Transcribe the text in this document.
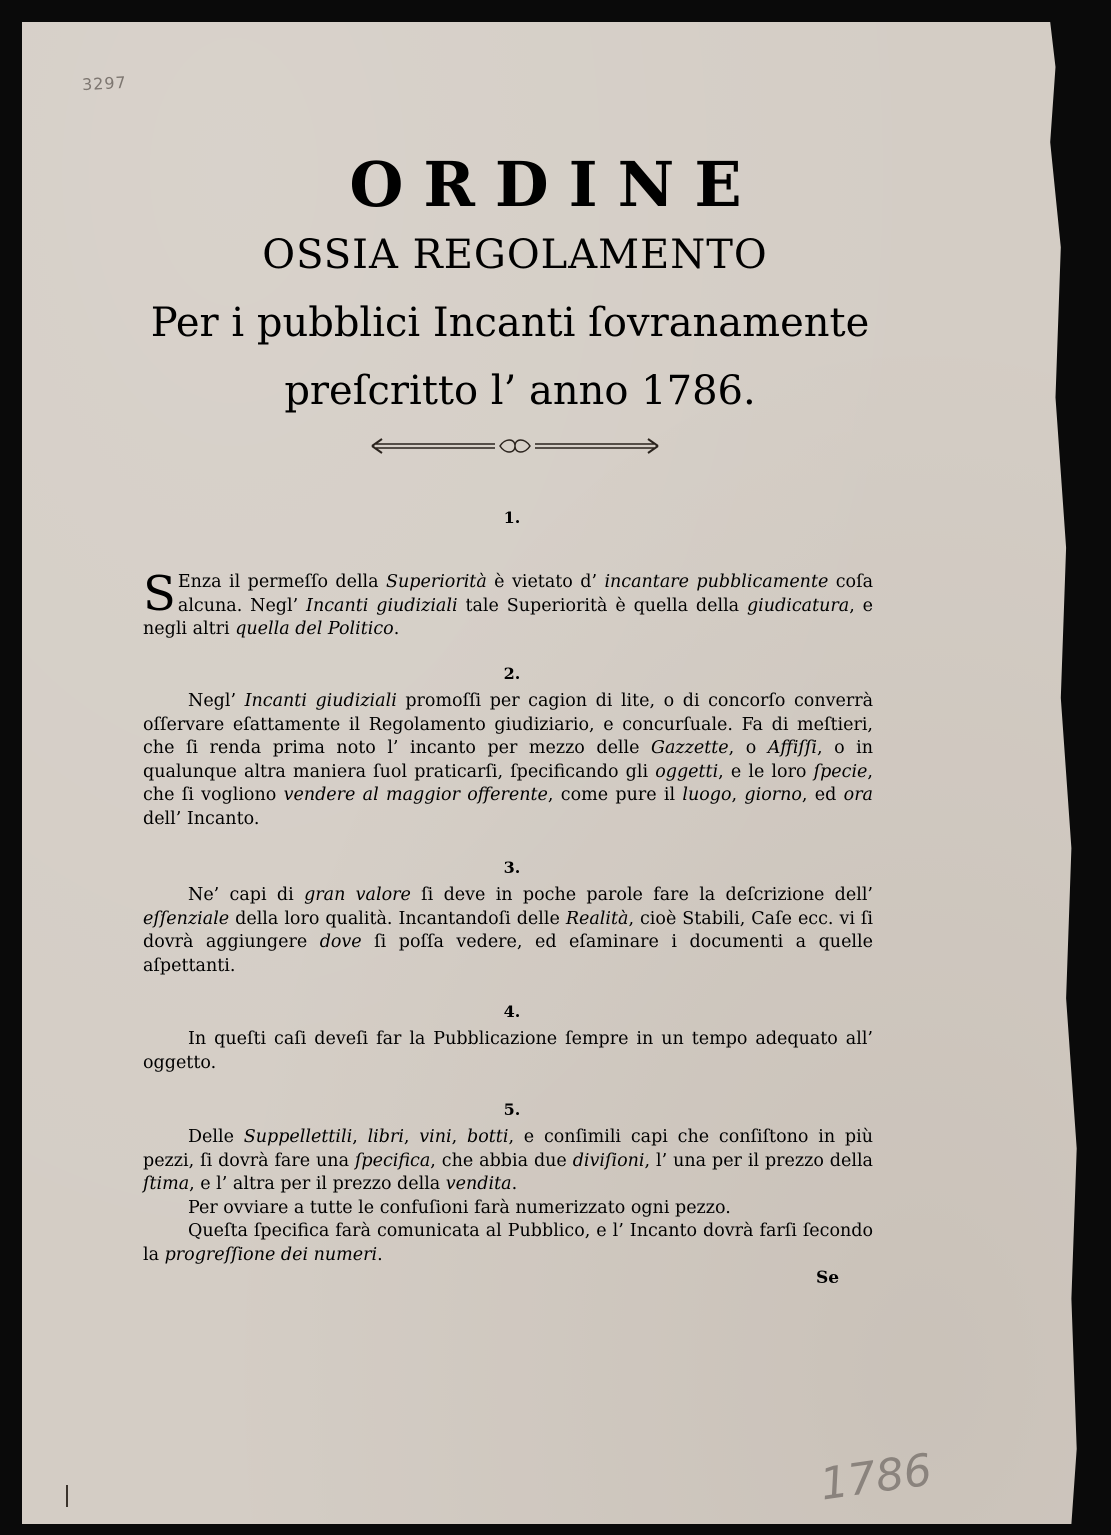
3297
1786
ORDINE
OSSIA REGOLAMENTO
Per i pubblici Incanti ſovranamente
preſcritto l’ anno 1786.
1.
S Enza il permeſſo della Superiorità è vietato d’ incantare pubblicamente coſa alcuna. Negl’ Incanti giudiziali tale Superiorità è quella della giudicatura, e negli altri quella del Politico.
2.
Negl’ Incanti giudiziali promoſſi per cagion di lite, o di concorſo converrà oſſervare eſattamente il Regolamento giudiziario, e concurſuale. Fa di meſtieri, che ſi renda prima noto l’ incanto per mezzo delle Gazzette, o Affiſſi, o in qualunque altra maniera ſuol praticarſi, ſpecificando gli oggetti, e le loro ſpecie, che ſi vogliono vendere al maggior offerente, come pure il luogo, giorno, ed ora dell’ Incanto.
3.
Ne’ capi di gran valore ſi deve in poche parole fare la deſcrizione dell’ eſſenziale della loro qualità. Incantandoſi delle Realità, cioè Stabili, Caſe ecc. vi ſi dovrà aggiungere dove ſi poſſa vedere, ed eſaminare i documenti a quelle aſpettanti.
4.
In queſti caſi deveſi far la Pubblicazione ſempre in un tempo adequato all’ oggetto.
5.
Delle Suppellettili, libri, vini, botti, e conſimili capi che conſiſtono in più pezzi, ſi dovrà fare una ſpecifica, che abbia due diviſioni, l’ una per il prezzo della ſtima, e l’ altra per il prezzo della vendita.
Per ovviare a tutte le confuſioni farà numerizzato ogni pezzo.
Queſta ſpecifica farà comunicata al Pubblico, e l’ Incanto dovrà farſi ſecondo la progreſſione dei numeri.
Se
